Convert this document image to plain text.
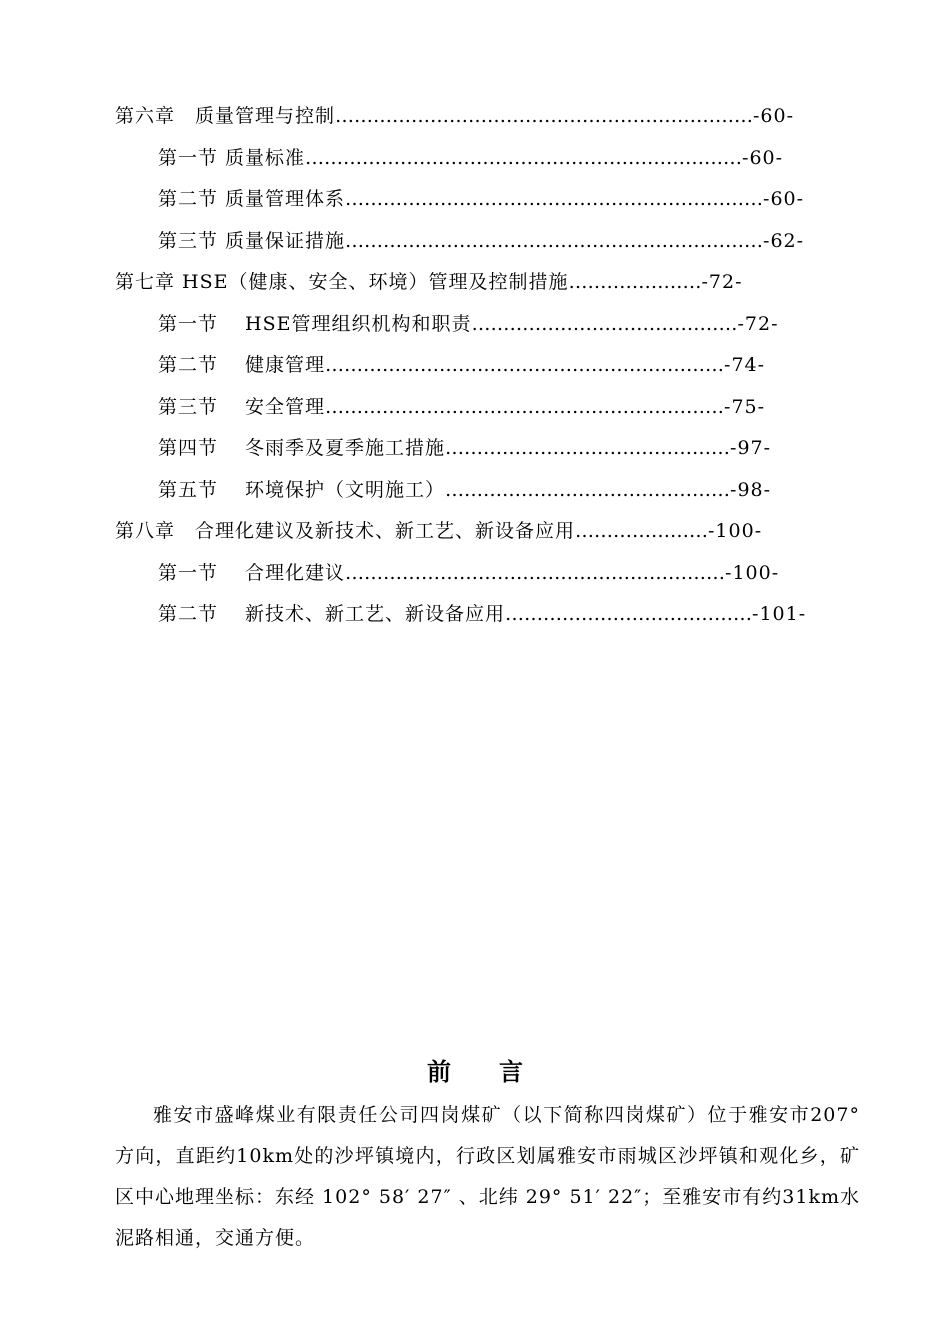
第六章　质量管理与控制…………………………………………………………-60-
第一节 质量标准……………………………………………………………-60-
第二节 质量管理体系…………………………………………………………-60-
第三节 质量保证措施…………………………………………………………-62-
第七章 HSE（健康、安全、环境）管理及控制措施…………………-72-
第一节　 HSE管理组织机构和职责……………………………………-72-
第二节　 健康管理………………………………………………………-74-
第三节　 安全管理………………………………………………………-75-
第四节　 冬雨季及夏季施工措施………………………………………-97-
第五节　 环境保护（文明施工）………………………………………-98-
第八章　合理化建议及新技术、新工艺、新设备应用…………………-100-
第一节　 合理化建议……………………………………………………-100-
第二节　 新技术、新工艺、新设备应用…………………………………-101-
前言

雅安市盛峰煤业有限责任公司四岗煤矿（以下简称四岗煤矿）位于雅安市207° 方向，直距约10km处的沙坪镇境内，行政区划属雅安市雨城区沙坪镇和观化乡，矿区中心地理坐标：东经 102° 58′ 27″ 、北纬 29° 51′ 22″；至雅安市有约31km水泥路相通，交通方便。
